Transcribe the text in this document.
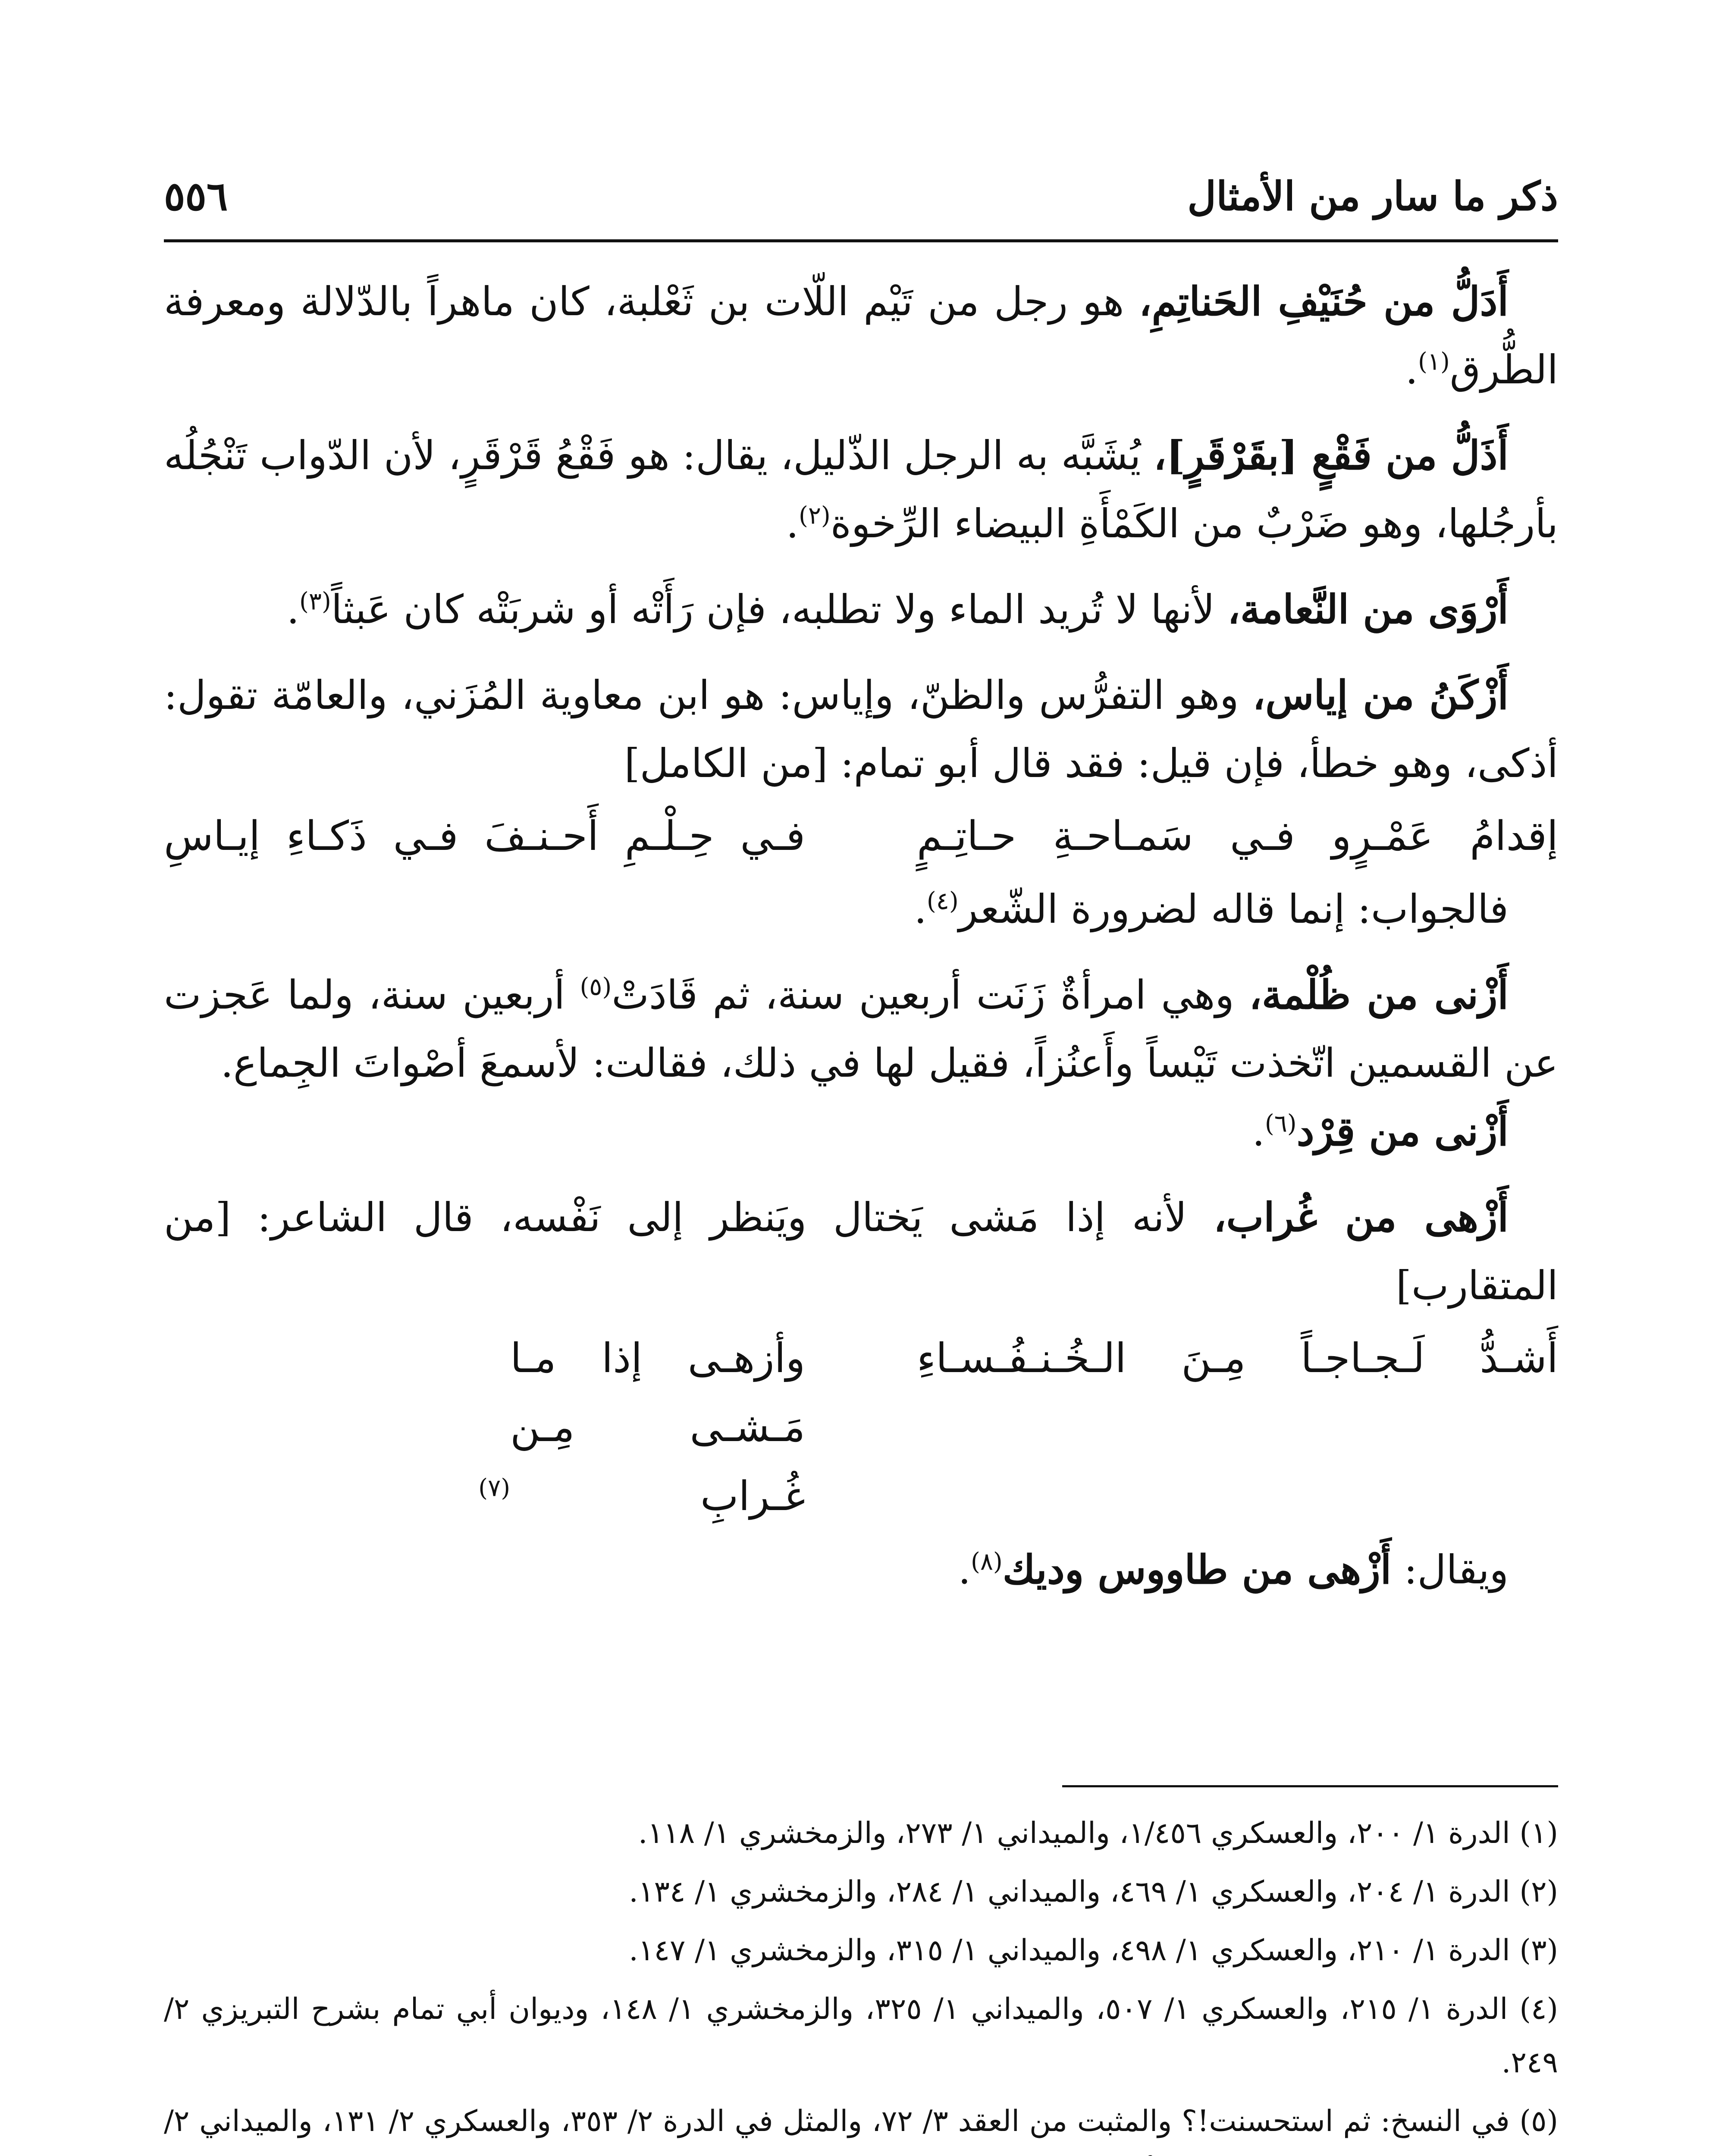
ذكر ما سار من الأمثال
٥٥٦

أَدَلُّ من حُنَيْفِ الحَناتِمِ، هو رجل من تَيْم اللّات بن ثَعْلبة، كان ماهراً بالدّلالة ومعرفة الطُّرق$^{(١)}$.

أَذَلُّ من فَقْعٍ [بقَرْقَرٍ]، يُشَبَّه به الرجل الذّليل، يقال: هو فَقْعُ قَرْقَرٍ، لأن الدّواب تَنْجُلُه بأرجُلها، وهو ضَرْبٌ من الكَمْأَةِ البيضاء الرِّخوة$^{(٢)}$.

أَرْوَى من النَّعامة، لأنها لا تُريد الماء ولا تطلبه، فإن رَأَتْه أو شربَتْه كان عَبثاً$^{(٣)}$.

أَزْكَنُ من إياس، وهو التفرُّس والظنّ، وإياس: هو ابن معاوية المُزَني، والعامّة تقول: أذكى، وهو خطأ، فإن قيل: فقد قال أبو تمام: [من الكامل]

إقدامُ عَمْـرٍو فـي سَمـاحـةِ حـاتِـمٍ
فـي حِـلْـمِ أَحـنـفَ فـي ذَكـاءِ إيـاسِ

فالجواب: إنما قاله لضرورة الشّعر$^{(٤)}$.

أَزْنى من ظُلْمة، وهي امرأةٌ زَنَت أربعين سنة، ثم قَادَتْ$^{(٥)}$ أربعين سنة، ولما عَجزت عن القسمين اتّخذت تَيْساً وأَعنُزاً، فقيل لها في ذلك، فقالت: لأسمعَ أصْواتَ الجِماع.

أَزْنى من قِرْد$^{(٦)}$.

أَزْهى من غُراب، لأنه إذا مَشى يَختال ويَنظر إلى نَفْسه، قال الشاعر: [من المتقارب]

أَشـدُّ لَـجـاجـاً مِـنَ الـخُـنـفُـسـاءِ
وأزهـى إذا مـا مَـشـى مِـن غُـرابِ$^{(٧)}$

ويقال: أَزْهى من طاووس وديك$^{(٨)}$.

(١) الدرة ١/ ٢٠٠، والعسكري ١/٤٥٦، والميداني ١/ ٢٧٣، والزمخشري ١/ ١١٨.
(٢) الدرة ١/ ٢٠٤، والعسكري ١/ ٤٦٩، والميداني ١/ ٢٨٤، والزمخشري ١/ ١٣٤.
(٣) الدرة ١/ ٢١٠، والعسكري ١/ ٤٩٨، والميداني ١/ ٣١٥، والزمخشري ١/ ١٤٧.
(٤) الدرة ١/ ٢١٥، والعسكري ١/ ٥٠٧، والميداني ١/ ٣٢٥، والزمخشري ١/ ١٤٨، وديوان أبي تمام بشرح التبريزي ٢/ ٢٤٩.
(٥) في النسخ: ثم استحسنت!؟ والمثبت من العقد ٣/ ٧٢، والمثل في الدرة ٢/ ٣٥٣، والعسكري ٢/ ١٣١، والميداني ٢/
